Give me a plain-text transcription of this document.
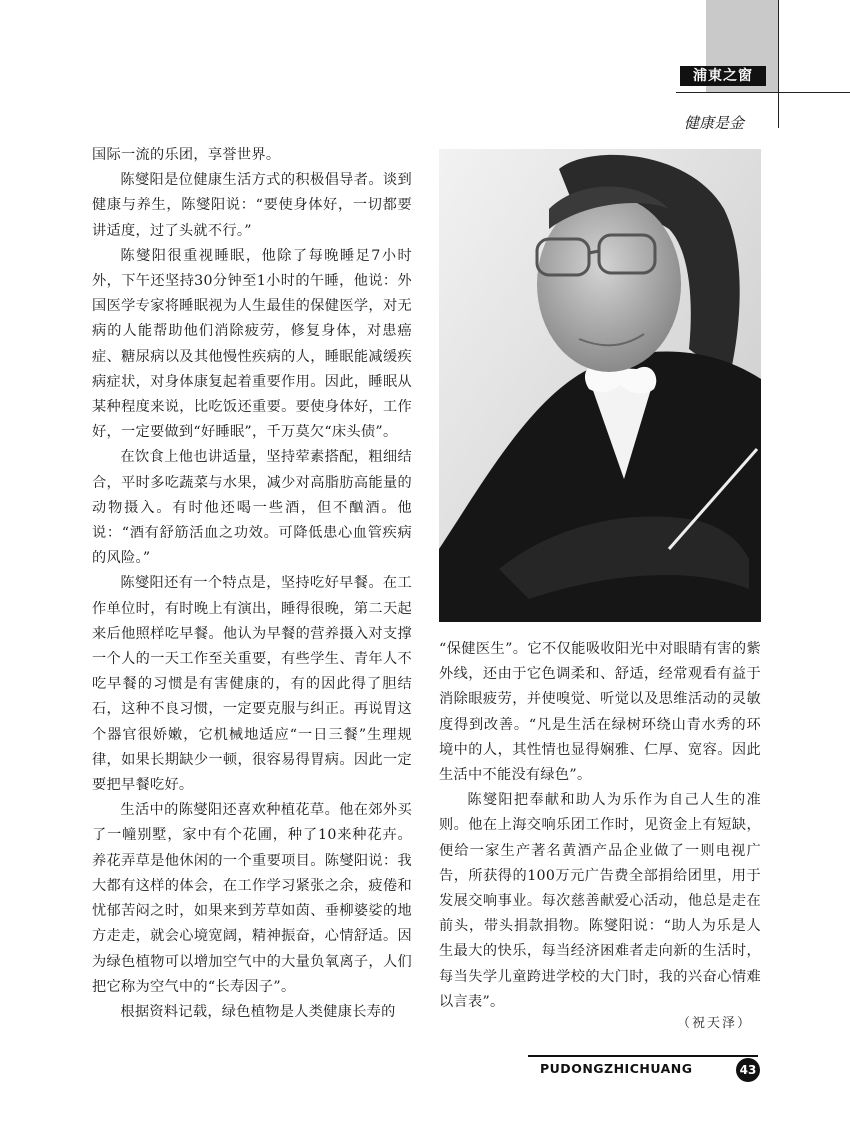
浦東之窗
健康是金

国际一流的乐团，享誉世界。

陈燮阳是位健康生活方式的积极倡导者。谈到健康与养生，陈燮阳说：“要使身体好，一切都要讲适度，过了头就不行。”

陈燮阳很重视睡眠，他除了每晚睡足7小时外，下午还坚持30分钟至1小时的午睡，他说：外国医学专家将睡眠视为人生最佳的保健医学，对无病的人能帮助他们消除疲劳，修复身体，对患癌症、糖尿病以及其他慢性疾病的人，睡眠能减缓疾病症状，对身体康复起着重要作用。因此，睡眠从某种程度来说，比吃饭还重要。要使身体好，工作好，一定要做到“好睡眠”，千万莫欠“床头债”。

在饮食上他也讲适量，坚持荤素搭配，粗细结合，平时多吃蔬菜与水果，减少对高脂肪高能量的动物摄入。有时他还喝一些酒，但不酗酒。他说：“酒有舒筋活血之功效。可降低患心血管疾病的风险。”

陈燮阳还有一个特点是，坚持吃好早餐。在工作单位时，有时晚上有演出，睡得很晚，第二天起来后他照样吃早餐。他认为早餐的营养摄入对支撑一个人的一天工作至关重要，有些学生、青年人不吃早餐的习惯是有害健康的，有的因此得了胆结石，这种不良习惯，一定要克服与纠正。再说胃这个器官很娇嫩，它机械地适应“一日三餐”生理规律，如果长期缺少一顿，很容易得胃病。因此一定要把早餐吃好。

生活中的陈燮阳还喜欢种植花草。他在郊外买了一幢别墅，家中有个花圃，种了10来种花卉。养花弄草是他休闲的一个重要项目。陈燮阳说：我大都有这样的体会，在工作学习紧张之余，疲倦和忧郁苦闷之时，如果来到芳草如茵、垂柳婆娑的地方走走，就会心境宽阔，精神振奋，心情舒适。因为绿色植物可以增加空气中的大量负氧离子，人们把它称为空气中的“长寿因子”。

根据资料记载，绿色植物是人类健康长寿的

“保健医生”。它不仅能吸收阳光中对眼睛有害的紫外线，还由于它色调柔和、舒适，经常观看有益于消除眼疲劳，并使嗅觉、听觉以及思维活动的灵敏度得到改善。“凡是生活在绿树环绕山青水秀的环境中的人，其性情也显得娴雅、仁厚、宽容。因此生活中不能没有绿色”。

陈燮阳把奉献和助人为乐作为自己人生的准则。他在上海交响乐团工作时，见资金上有短缺，便给一家生产著名黄酒产品企业做了一则电视广告，所获得的100万元广告费全部捐给团里，用于发展交响事业。每次慈善献爱心活动，他总是走在前头，带头捐款捐物。陈燮阳说：“助人为乐是人生最大的快乐，每当经济困难者走向新的生活时，每当失学儿童跨进学校的大门时，我的兴奋心情难以言表”。

（祝天泽）
PUDONGZHICHUANG	43
